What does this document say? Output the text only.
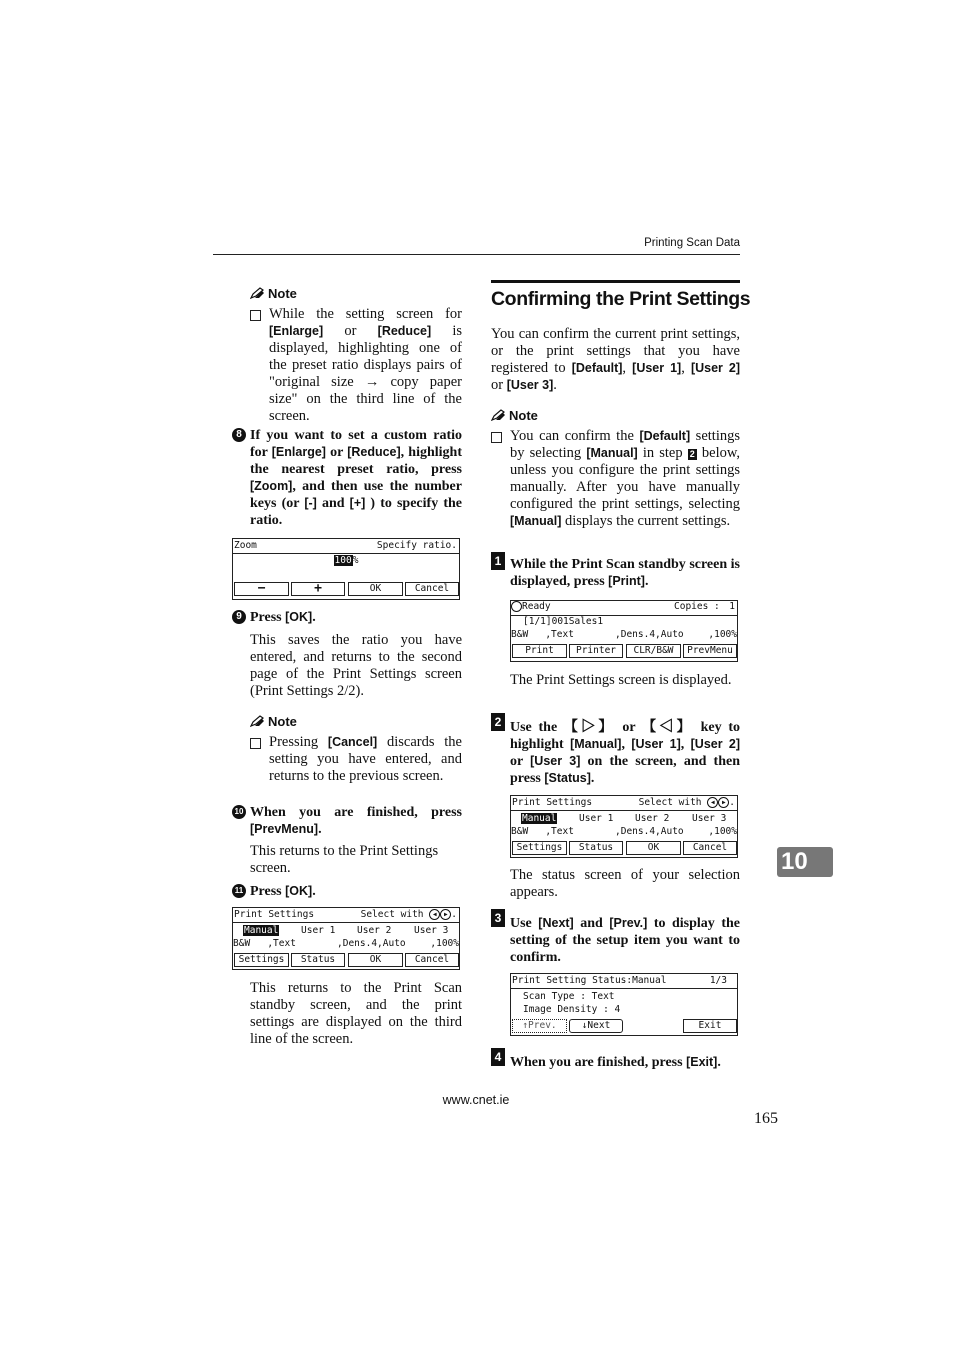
Printing Scan Data
Note
While the setting screen for [Enlarge] or [Reduce] is displayed, highlighting one of the preset ratio displays pairs of "original size → copy paper size" on the third line of the screen.
8 If you want to set a custom ratio for [Enlarge] or [Reduce], highlight the nearest preset ratio, press [Zoom], and then use the number keys (or [-] and [+] ) to specify the ratio.
Zoom	Specify ratio.
100%
−	+	OK	Cancel
9 Press [OK].
This saves the ratio you have entered, and returns to the second page of the Print Settings screen (Print Settings 2/2).
Note
Pressing [Cancel] discards the setting you have entered, and returns to the previous screen.
10 When you are finished, press [PrevMenu].
This returns to the Print Settings screen.
11 Press [OK].
Print Settings	Select with ◀ ▶ .
Manual User 1 User 2 User 3
B&W   ,Text	,Dens.4,Auto	,100%
Settings	Status	OK	Cancel
This returns to the Print Scan standby screen, and the print settings are displayed on the third line of the screen.
Confirming the Print Settings
You can confirm the current print settings, or the print settings that you have registered to [Default], [User 1], [User 2] or [User 3].
Note
You can confirm the [Default] settings by selecting [Manual] in step 2 below, unless you configure the print settings manually. After you have manually configured the print settings, selecting [Manual] displays the current settings.
1 While the Print Scan standby screen is displayed, press [Print].
Ready	Copies : 1
[1/1]001Sales1
B&W   ,Text	,Dens.4,Auto	,100%
Print	Printer	CLR/B&W	PrevMenu
The Print Settings screen is displayed.
2 Use the 【▷】 or 【◁】 key to highlight [Manual], [User 1], [User 2] or [User 3] on the screen, and then press [Status].
Print Settings	Select with ◀ ▶ .
Manual User 1 User 2 User 3
B&W   ,Text	,Dens.4,Auto	,100%
Settings	Status	OK	Cancel
The status screen of your selection appears.
10
3 Use [Next] and [Prev.] to display the setting of the setup item you want to confirm.
Print Setting Status:Manual	1/3
Scan Type : Text
Image Density : 4
↑Prev.	↓Next	Exit
4 When you are finished, press [Exit].
www.cnet.ie
165
